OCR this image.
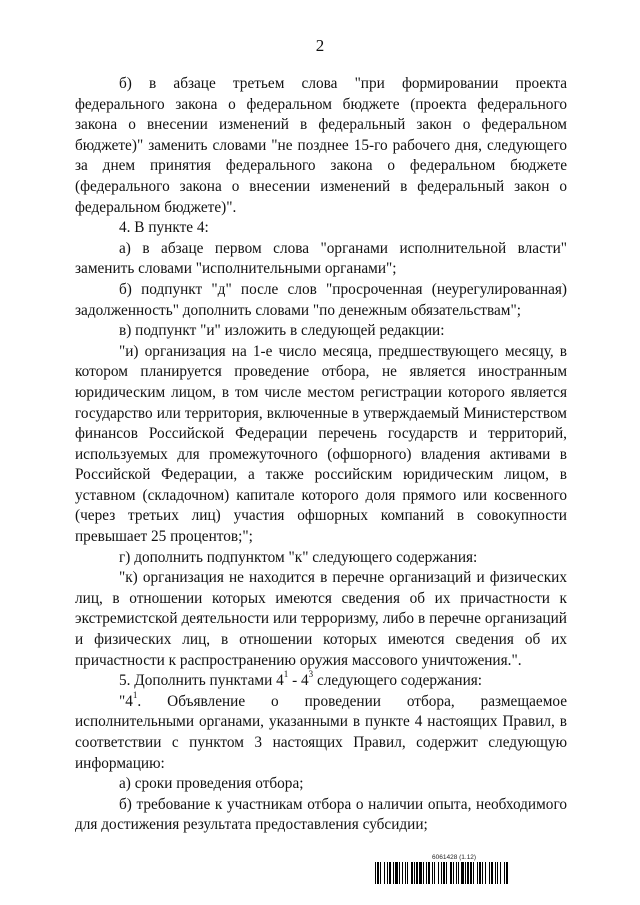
2

б) в абзаце третьем слова "при формировании проекта федерального закона о федеральном бюджете (проекта федерального закона о внесении изменений в федеральный закон о федеральном бюджете)" заменить словами "не позднее 15-го рабочего дня, следующего за днем принятия федерального закона о федеральном бюджете (федерального закона о внесении изменений в федеральный закон о федеральном бюджете)".

4. В пункте 4:

а) в абзаце первом слова "органами исполнительной власти" заменить словами "исполнительными органами";

б) подпункт "д" после слов "просроченная (неурегулированная) задолженность" дополнить словами "по денежным обязательствам";

в) подпункт "и" изложить в следующей редакции:

"и) организация на 1-е число месяца, предшествующего месяцу, в котором планируется проведение отбора, не является иностранным юридическим лицом, в том числе местом регистрации которого является государство или территория, включенные в утверждаемый Министерством финансов Российской Федерации перечень государств и территорий, используемых для промежуточного (офшорного) владения активами в Российской Федерации, а также российским юридическим лицом, в уставном (складочном) капитале которого доля прямого или косвенного (через третьих лиц) участия офшорных компаний в совокупности превышает 25 процентов;";

г) дополнить подпунктом "к" следующего содержания:

"к) организация не находится в перечне организаций и физических лиц, в отношении которых имеются сведения об их причастности к экстремистской деятельности или терроризму, либо в перечне организаций и физических лиц, в отношении которых имеются сведения об их причастности к распространению оружия массового уничтожения.".

5. Дополнить пунктами $4^1 - 4^3$ следующего содержания:

"$4^1$. Объявление о проведении отбора, размещаемое исполнительными органами, указанными в пункте 4 настоящих Правил, в соответствии с пунктом 3 настоящих Правил, содержит следующую информацию:

а) сроки проведения отбора;

б) требование к участникам отбора о наличии опыта, необходимого для достижения результата предоставления субсидии;

6061428 (1.12)
